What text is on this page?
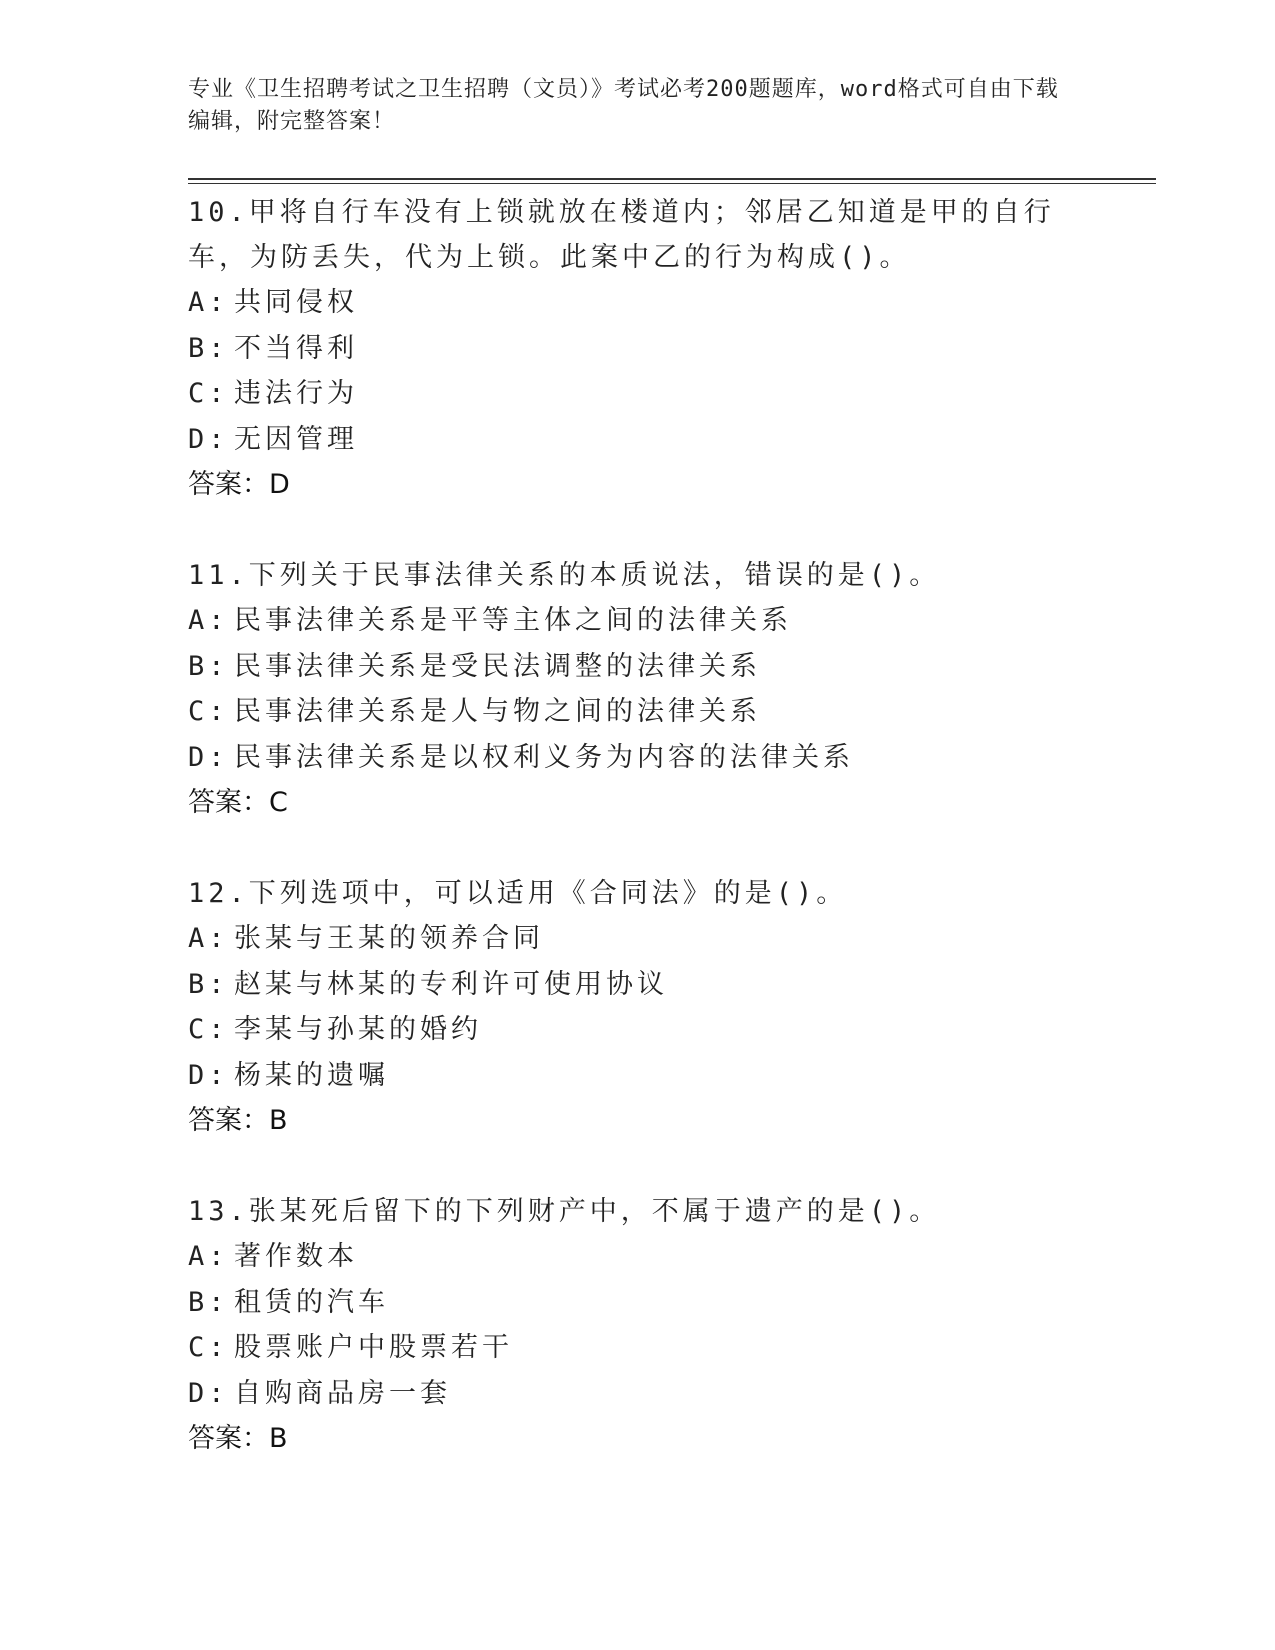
专业《卫生招聘考试之卫生招聘（文员）》考试必考200题题库，word格式可自由下载编辑，附完整答案！

10.甲将自行车没有上锁就放在楼道内；邻居乙知道是甲的自行车，为防丢失，代为上锁。此案中乙的行为构成()。

A: 共同侵权

B: 不当得利

C: 违法行为

D: 无因管理

答案：D

11.下列关于民事法律关系的本质说法，错误的是()。

A: 民事法律关系是平等主体之间的法律关系

B: 民事法律关系是受民法调整的法律关系

C: 民事法律关系是人与物之间的法律关系

D: 民事法律关系是以权利义务为内容的法律关系

答案：C

12.下列选项中，可以适用《合同法》的是()。

A: 张某与王某的领养合同

B: 赵某与林某的专利许可使用协议

C: 李某与孙某的婚约

D: 杨某的遗嘱

答案：B

13.张某死后留下的下列财产中，不属于遗产的是()。

A: 著作数本

B: 租赁的汽车

C: 股票账户中股票若干

D: 自购商品房一套

答案：B
